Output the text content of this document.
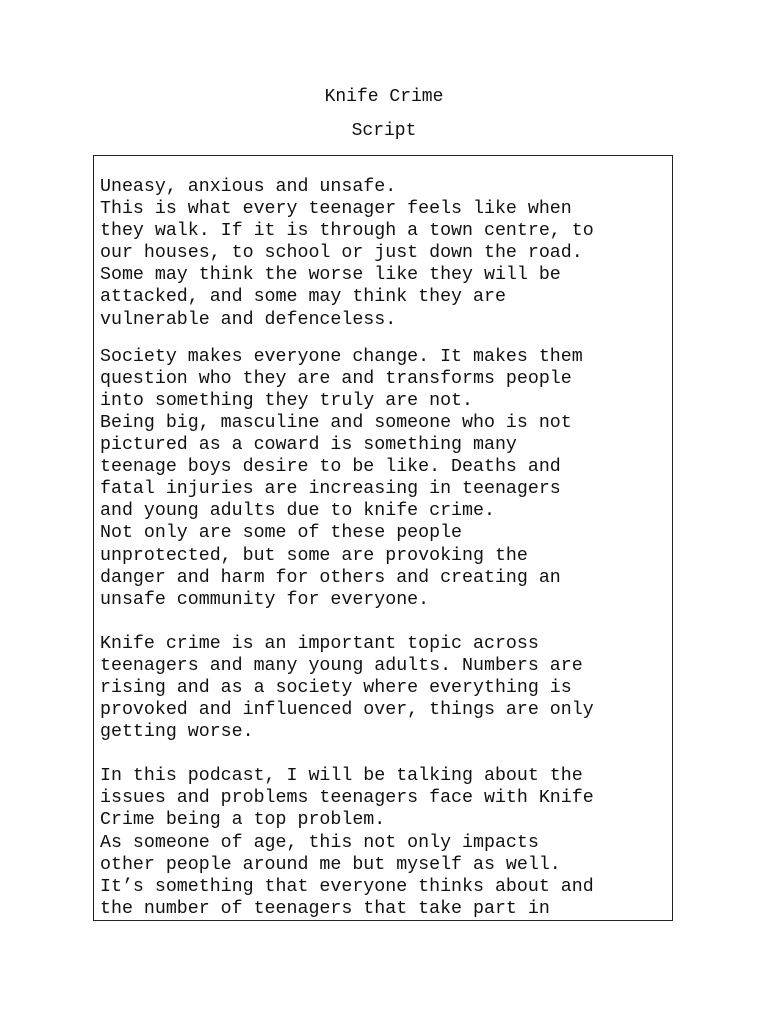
Knife Crime
Script
Uneasy, anxious and unsafe.
This is what every teenager feels like when
they walk. If it is through a town centre, to
our houses, to school or just down the road.
Some may think the worse like they will be
attacked, and some may think they are
vulnerable and defenceless.
Society makes everyone change. It makes them
question who they are and transforms people
into something they truly are not.
Being big, masculine and someone who is not
pictured as a coward is something many
teenage boys desire to be like. Deaths and
fatal injuries are increasing in teenagers
and young adults due to knife crime.
Not only are some of these people
unprotected, but some are provoking the
danger and harm for others and creating an
unsafe community for everyone.
Knife crime is an important topic across
teenagers and many young adults. Numbers are
rising and as a society where everything is
provoked and influenced over, things are only
getting worse.
In this podcast, I will be talking about the
issues and problems teenagers face with Knife
Crime being a top problem.
As someone of age, this not only impacts
other people around me but myself as well.
It’s something that everyone thinks about and
the number of teenagers that take part in
